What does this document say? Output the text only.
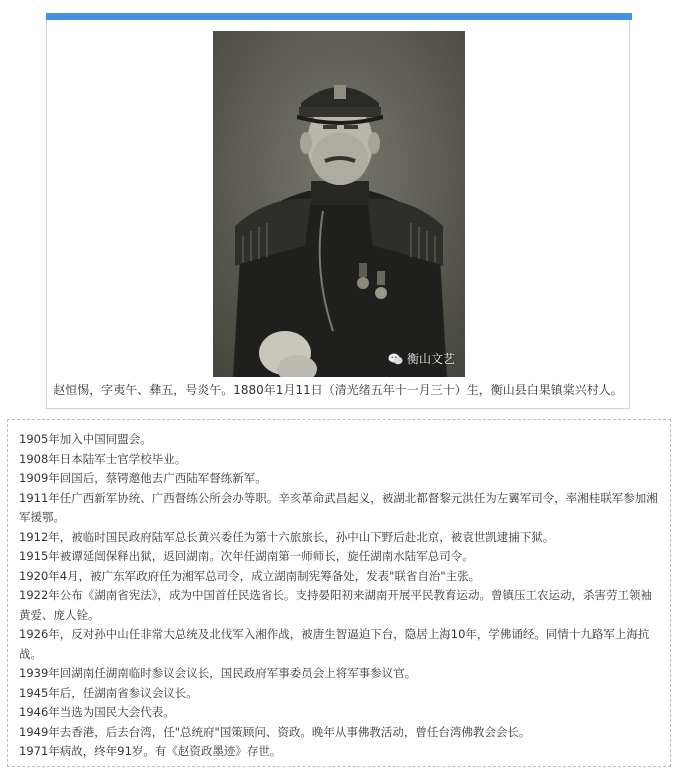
衡山文艺
赵恒惕，字夷午、彝五，号炎午。1880年1月11日（清光绪五年十一月三十）生，衡山县白果镇棠兴村人。
1905年加入中国同盟会。
1908年日本陆军士官学校毕业。
1909年回国后，蔡锷邀他去广西陆军督练新军。
1911年任广西新军协统、广西督练公所会办等职。辛亥革命武昌起义，被湖北都督黎元洪任为左翼军司令，率湘桂联军参加湘军援鄂。
1912年，被临时国民政府陆军总长黄兴委任为第十六旅旅长，孙中山下野后赴北京，被袁世凯逮捕下狱。
1915年被谭延闿保释出狱，返回湖南。次年任湖南第一师师长，旋任湖南水陆军总司令。
1920年4月，被广东军政府任为湘军总司令，成立湖南制宪筹备处，发表"联省自治"主张。
1922年公布《湖南省宪法》，成为中国首任民选省长。支持晏阳初来湖南开展平民教育运动。曾镇压工农运动，杀害劳工领袖黄爱、庞人铨。
1926年，反对孙中山任非常大总统及北伐军入湘作战，被唐生智逼迫下台，隐居上海10年，学佛诵经。同情十九路军上海抗战。
1939年回湖南任湖南临时参议会议长，国民政府军事委员会上将军事参议官。
1945年后，任湖南省参议会议长。
1946年当选为国民大会代表。
1949年去香港，后去台湾，任"总统府"国策顾问、资政。晚年从事佛教活动，曾任台湾佛教会会长。
1971年病故，终年91岁。有《赵资政墨迹》存世。
